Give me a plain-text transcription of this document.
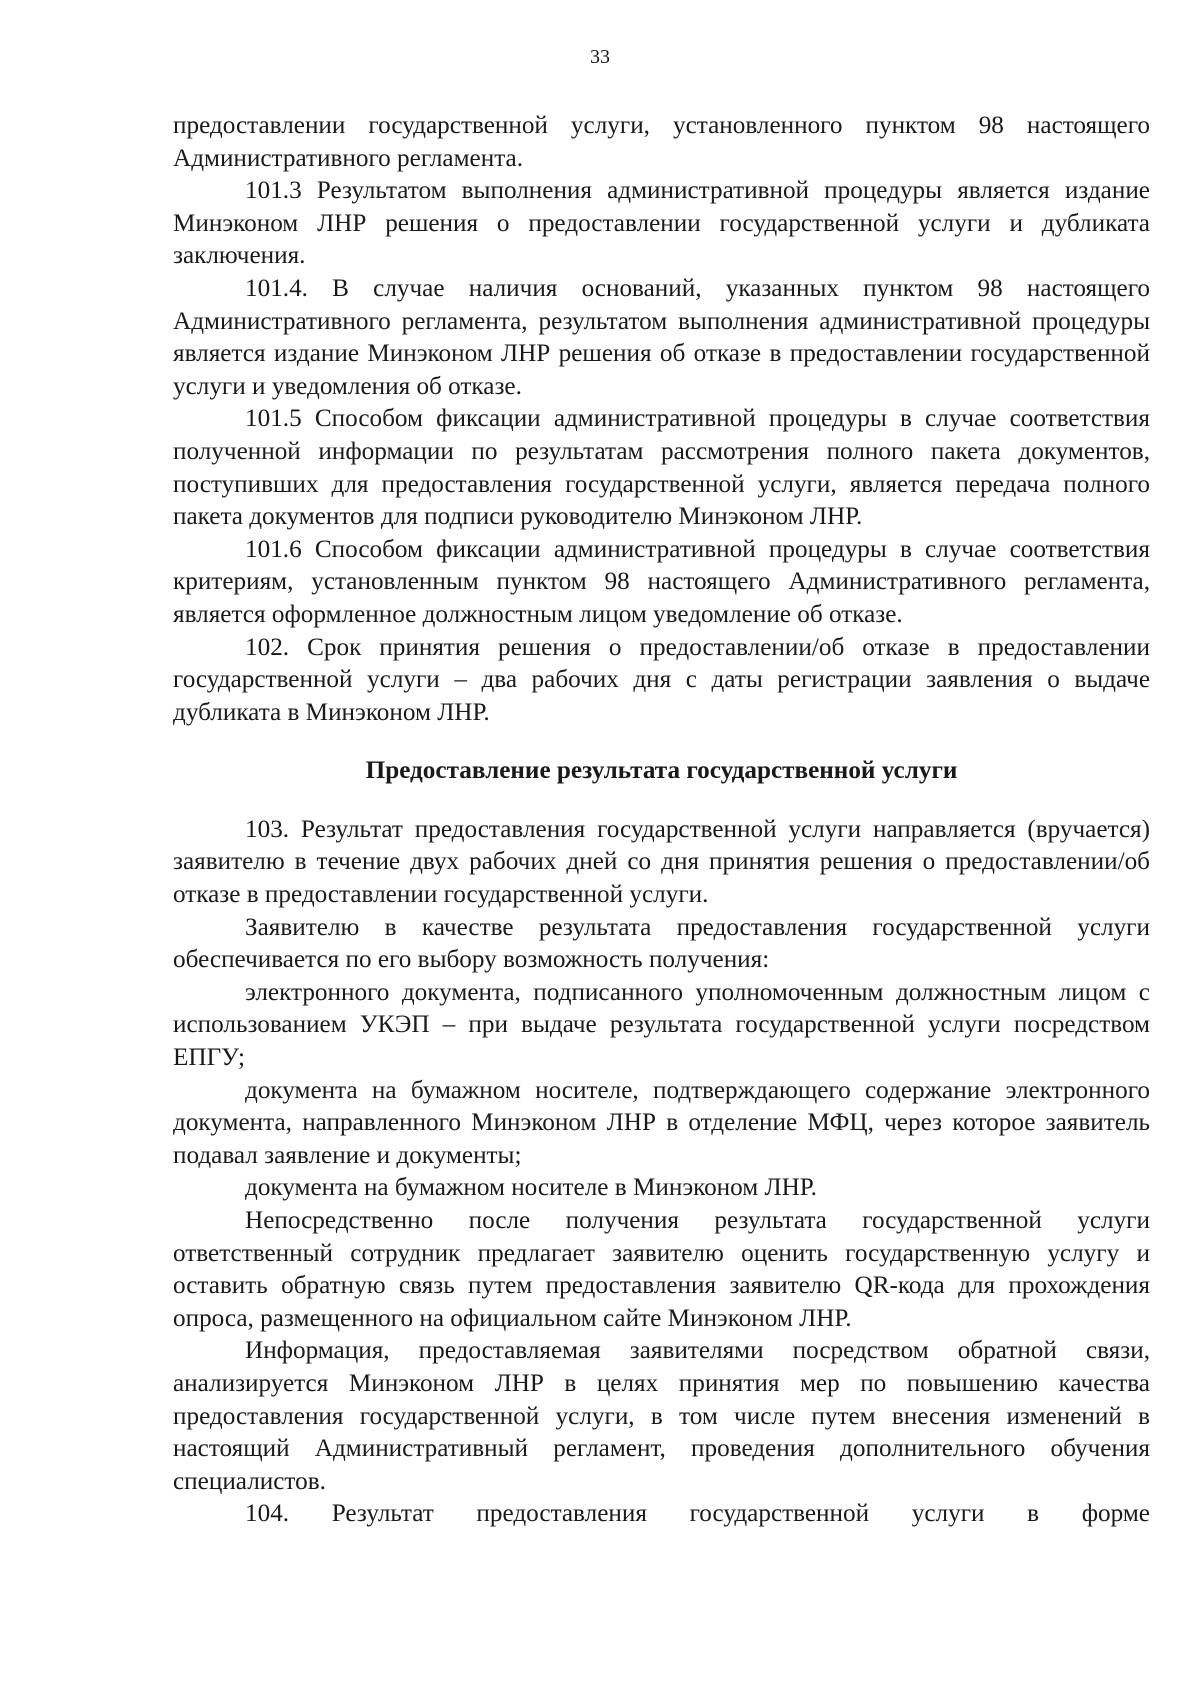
33

предоставлении государственной услуги, установленного пунктом 98 настоящего Административного регламента.

101.3 Результатом выполнения административной процедуры является издание Минэконом ЛНР решения о предоставлении государственной услуги и дубликата заключения.

101.4. В случае наличия оснований, указанных пунктом 98 настоящего Административного регламента, результатом выполнения административной процедуры является издание Минэконом ЛНР решения об отказе в предоставлении государственной услуги и уведомления об отказе.

101.5 Способом фиксации административной процедуры в случае соответствия полученной информации по результатам рассмотрения полного пакета документов, поступивших для предоставления государственной услуги, является передача полного пакета документов для подписи руководителю Минэконом ЛНР.

101.6 Способом фиксации административной процедуры в случае соответствия критериям, установленным пунктом 98 настоящего Административного регламента, является оформленное должностным лицом уведомление об отказе.

102. Срок принятия решения о предоставлении/об отказе в предоставлении государственной услуги – два рабочих дня с даты регистрации заявления о выдаче дубликата в Минэконом ЛНР.

Предоставление результата государственной услуги

103. Результат предоставления государственной услуги направляется (вручается) заявителю в течение двух рабочих дней со дня принятия решения о предоставлении/об отказе в предоставлении государственной услуги.

Заявителю в качестве результата предоставления государственной услуги обеспечивается по его выбору возможность получения:

электронного документа, подписанного уполномоченным должностным лицом с использованием УКЭП – при выдаче результата государственной услуги посредством ЕПГУ;

документа на бумажном носителе, подтверждающего содержание электронного документа, направленного Минэконом ЛНР в отделение МФЦ, через которое заявитель подавал заявление и документы;

документа на бумажном носителе в Минэконом ЛНР.

Непосредственно после получения результата государственной услуги ответственный сотрудник предлагает заявителю оценить государственную услугу и оставить обратную связь путем предоставления заявителю QR-кода для прохождения опроса, размещенного на официальном сайте Минэконом ЛНР.

Информация, предоставляемая заявителями посредством обратной связи, анализируется Минэконом ЛНР в целях принятия мер по повышению качества предоставления государственной услуги, в том числе путем внесения изменений в настоящий Административный регламент, проведения дополнительного обучения специалистов.

104. Результат предоставления государственной услуги в форме
